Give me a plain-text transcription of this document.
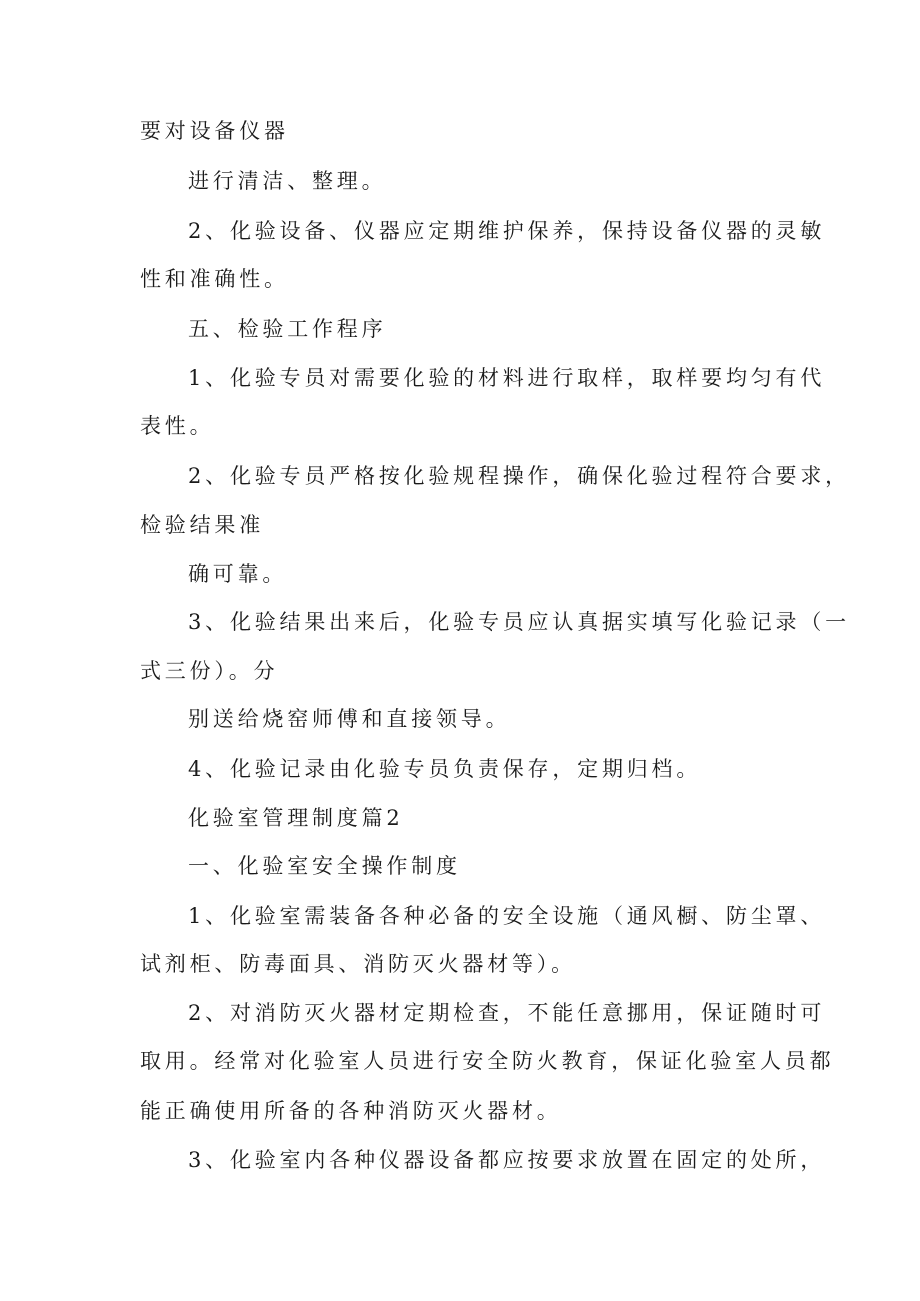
要对设备仪器

进行清洁、整理。

2、化验设备、仪器应定期维护保养，保持设备仪器的灵敏

性和准确性。

五、检验工作程序

1、化验专员对需要化验的材料进行取样，取样要均匀有代

表性。

2、化验专员严格按化验规程操作，确保化验过程符合要求，

检验结果准

确可靠。

3、化验结果出来后，化验专员应认真据实填写化验记录（一

式三份）。分

别送给烧窑师傅和直接领导。

4、化验记录由化验专员负责保存，定期归档。

化验室管理制度篇2

一、化验室安全操作制度

1、化验室需装备各种必备的安全设施（通风橱、防尘罩、

试剂柜、防毒面具、消防灭火器材等）。

2、对消防灭火器材定期检查，不能任意挪用，保证随时可

取用。经常对化验室人员进行安全防火教育，保证化验室人员都

能正确使用所备的各种消防灭火器材。

3、化验室内各种仪器设备都应按要求放置在固定的处所，
